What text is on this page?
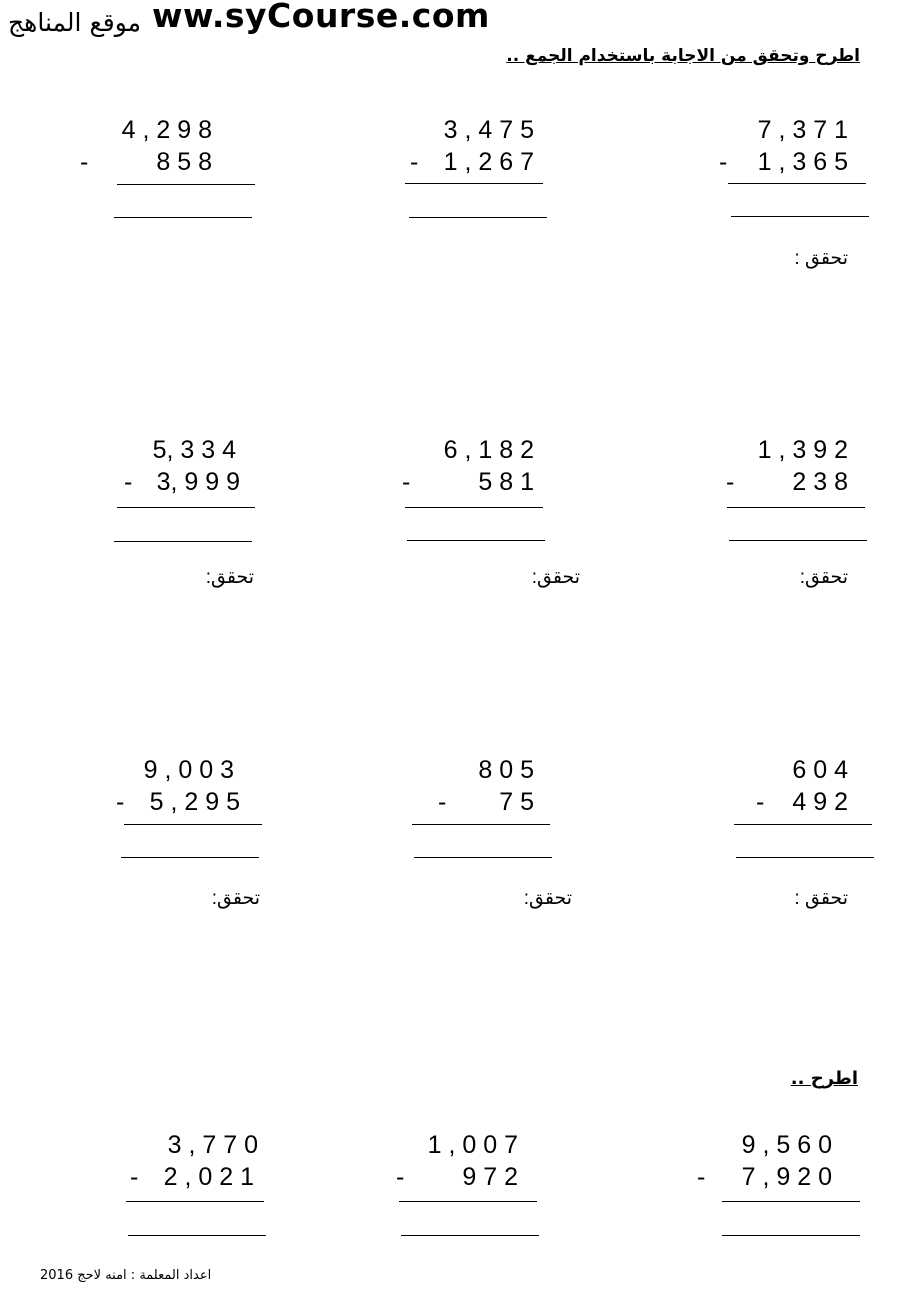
موقع المناهج ww.syCourse.com
اطرح وتحقق من الاجابة باستخدام الجمع ..
7 , 3 7 1
- 1 , 3 6 5
تحقق :
3 , 4 7 5
- 1 , 2 6 7
4 , 2 9 8
-	8 5 8
1 , 3 9 2
- 2 3 8
تحقق:
6 , 1 8 2
-	5 8 1
تحقق:
5, 3 3 4
- 3, 9 9 9
تحقق:
6 0 4
- 4 9 2
تحقق :
8 0 5
- 7 5
تحقق:
9 , 0 0 3
- 5 , 2 9 5
تحقق:
اطرح ..
9 , 5 6 0
- 7 , 9 2 0
1 , 0 0 7
- 9 7 2
3 , 7 7 0
- 2 , 0 2 1
اعداد المعلمة : امنه لاحج 2016
